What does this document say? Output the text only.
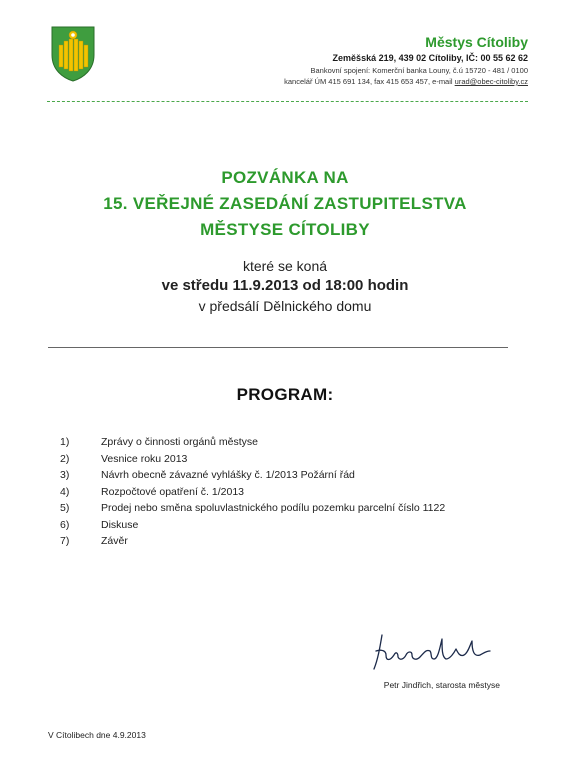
Městys Cítoliby
Zeměšská 219, 439 02 Cítoliby, IČ: 00 55 62 62
Bankovní spojení: Komerční banka Louny, č.ú 15720 - 481 / 0100
kancelář ÚM 415 691 134, fax 415 653 457, e-mail urad@obec-citoliby.cz
POZVÁNKA NA
15. VEŘEJNÉ ZASEDÁNÍ ZASTUPITELSTVA
MĚSTYSE CÍTOLIBY
které se koná
ve středu 11.9.2013 od 18:00 hodin
v předsálí Dělnického domu
PROGRAM:
1)	Zprávy o činnosti orgánů městyse
2)	Vesnice roku 2013
3)	Návrh obecně závazné vyhlášky č. 1/2013 Požární řád
4)	Rozpočtové opatření č. 1/2013
5)	Prodej nebo směna spoluvlastnického podílu pozemku parcelní číslo 1122
6)	Diskuse
7)	Závěr
Petr Jindřich, starosta městyse
V Cítolibech dne 4.9.2013
